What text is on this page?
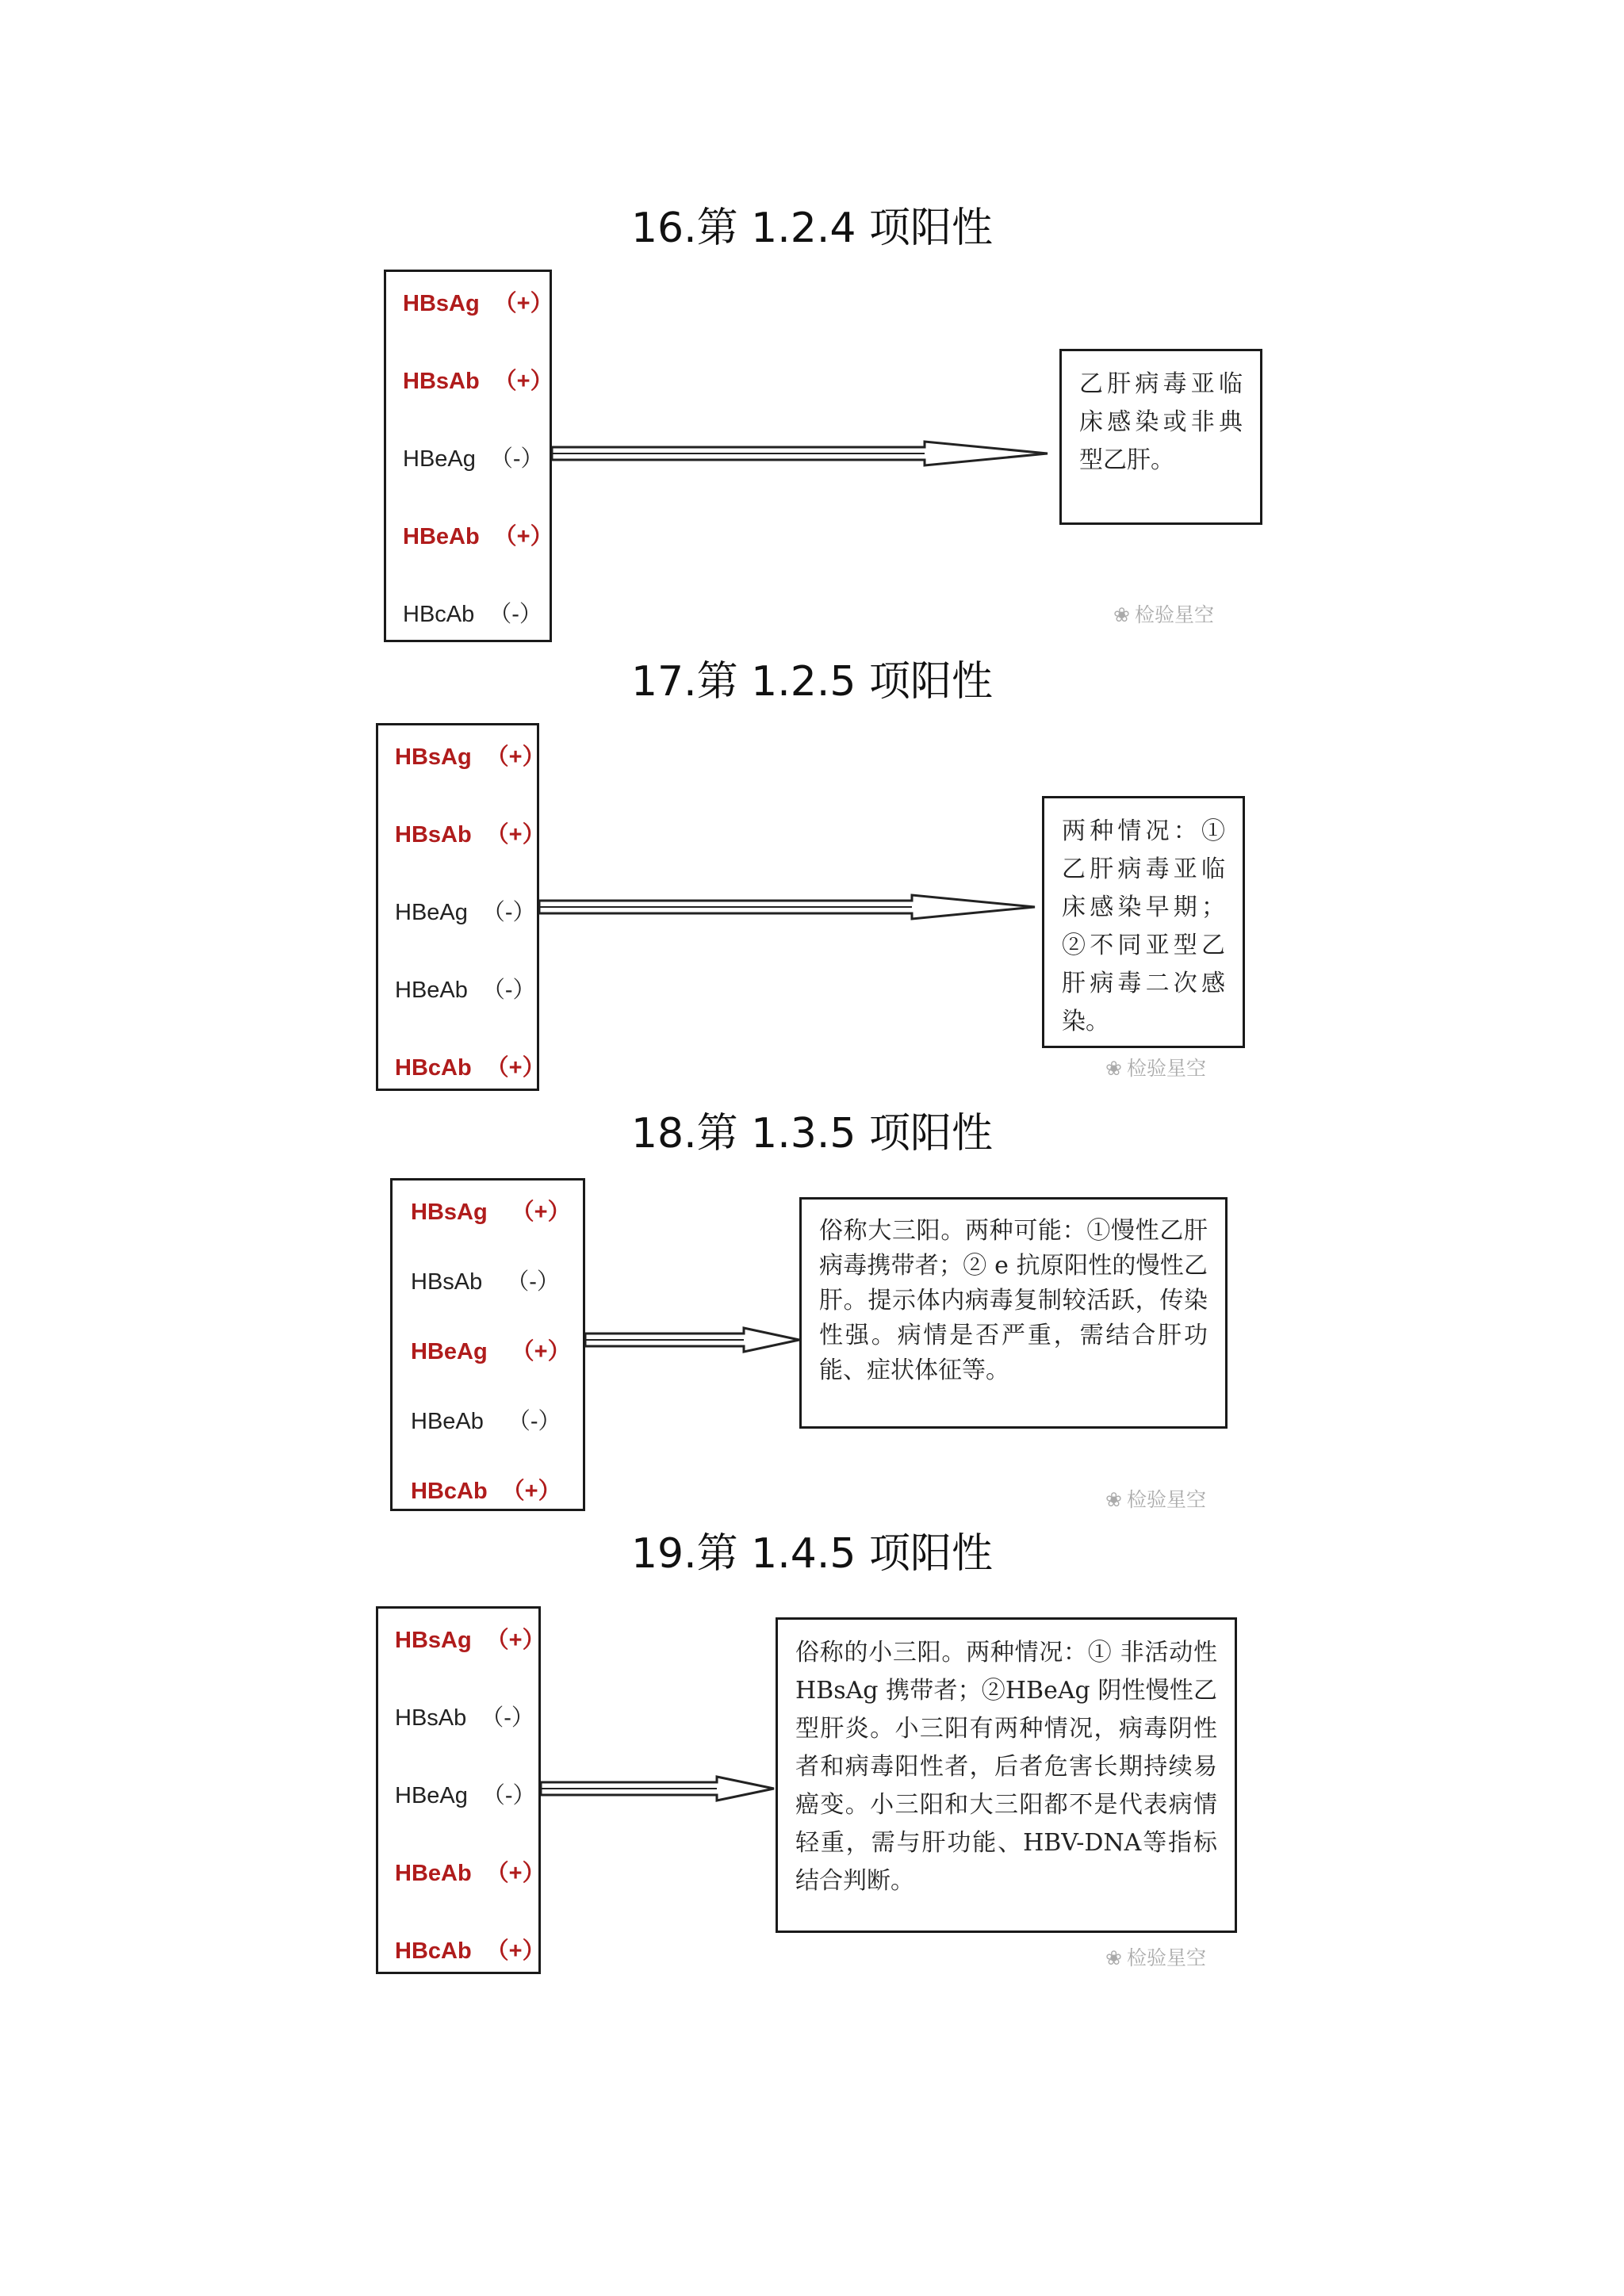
16.第 1.2.4 项阳性
HBsAg （+）
HBsAb （+）
HBeAg （-）
HBeAb （+）
HBcAb （-）
乙肝病毒亚临床感染或非典型乙肝。
❀ 检验星空
17.第 1.2.5 项阳性
HBsAg （+）
HBsAb （+）
HBeAg （-）
HBeAb （-）
HBcAb （+）
两种情况：①乙肝病毒亚临床感染早期；②不同亚型乙肝病毒二次感染。
❀ 检验星空
18.第 1.3.5 项阳性
HBsAg （+）
HBsAb （-）
HBeAg （+）
HBeAb （-）
HBcAb （+）
俗称大三阳。两种可能：①慢性乙肝病毒携带者；② e 抗原阳性的慢性乙肝。提示体内病毒复制较活跃，传染性强。病情是否严重，需结合肝功能、症状体征等。
❀ 检验星空
19.第 1.4.5 项阳性
HBsAg （+）
HBsAb （-）
HBeAg （-）
HBeAb （+）
HBcAb （+）
俗称的小三阳。两种情况：① 非活动性 HBsAg 携带者；②HBeAg 阴性慢性乙型肝炎。小三阳有两种情况，病毒阴性者和病毒阳性者，后者危害长期持续易癌变。小三阳和大三阳都不是代表病情轻重，需与肝功能、HBV-DNA等指标结合判断。
❀ 检验星空
